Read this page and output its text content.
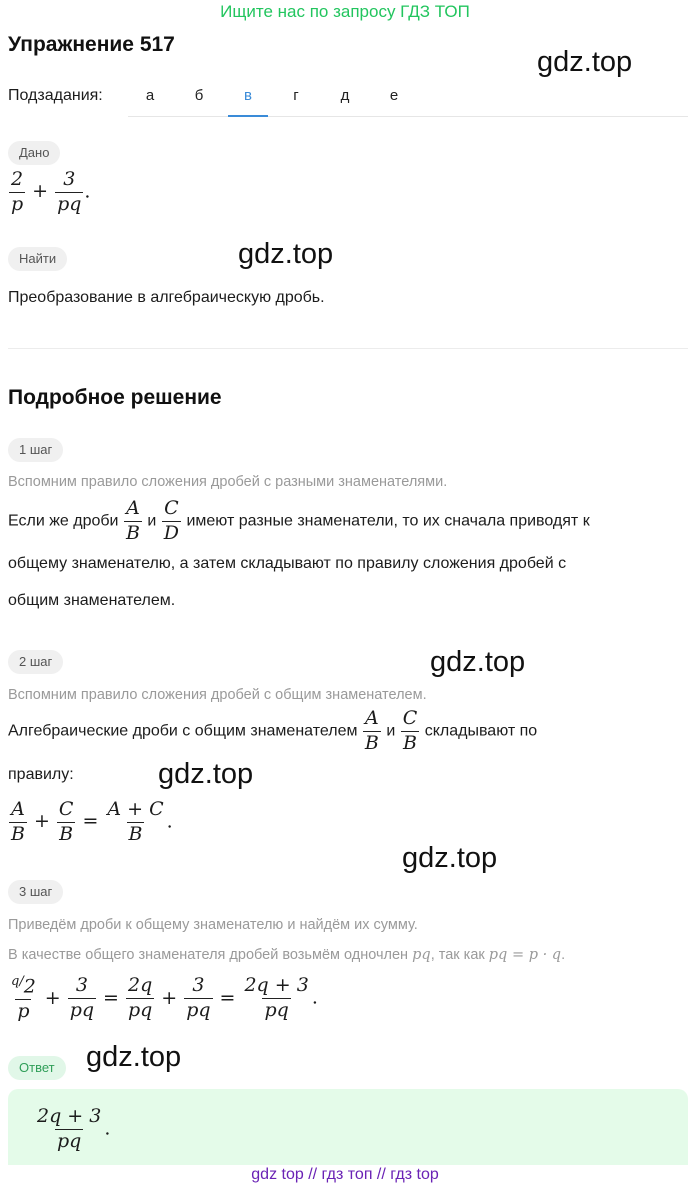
Ищите нас по запросу ГДЗ ТОП
Упражнение 517
gdz.top
Подзадания:	а	б	в	г	д	е
Дано
$\frac{2}{p} + \frac{3}{pq}$ .
Найти	gdz.top
Преобразование в алгебраическую дробь.
Подробное решение
1 шаг
Вспомним правило сложения дробей с разными знаменателями.
Если же дроби $\frac{A}{B}$ и $\frac{C}{D}$ имеют разные знаменатели, то их сначала приводят к
общему знаменателю, а затем складывают по правилу сложения дробей с
общим знаменателем.
2 шаг	gdz.top
Вспомним правило сложения дробей с общим знаменателем.
Алгебраические дроби с общим знаменателем $\frac{A}{B}$ и $\frac{C}{B}$ складывают по
правилу:	gdz.top
$\frac{A}{B} + \frac{C}{B} = \frac{A + C}{B}$ .
gdz.top
3 шаг
Приведём дроби к общему знаменателю и найдём их сумму.
В качестве общего знаменателя дробей возьмём одночлен pq, так как pq = p · q.
$\frac{^{q/}2}{p} + \frac{3}{pq} = \frac{2q}{pq} + \frac{3}{pq} = \frac{2q + 3}{pq}$ .
Ответ	gdz.top
$\frac{2q + 3}{pq}$ .
gdz top // гдз топ // гдз top
